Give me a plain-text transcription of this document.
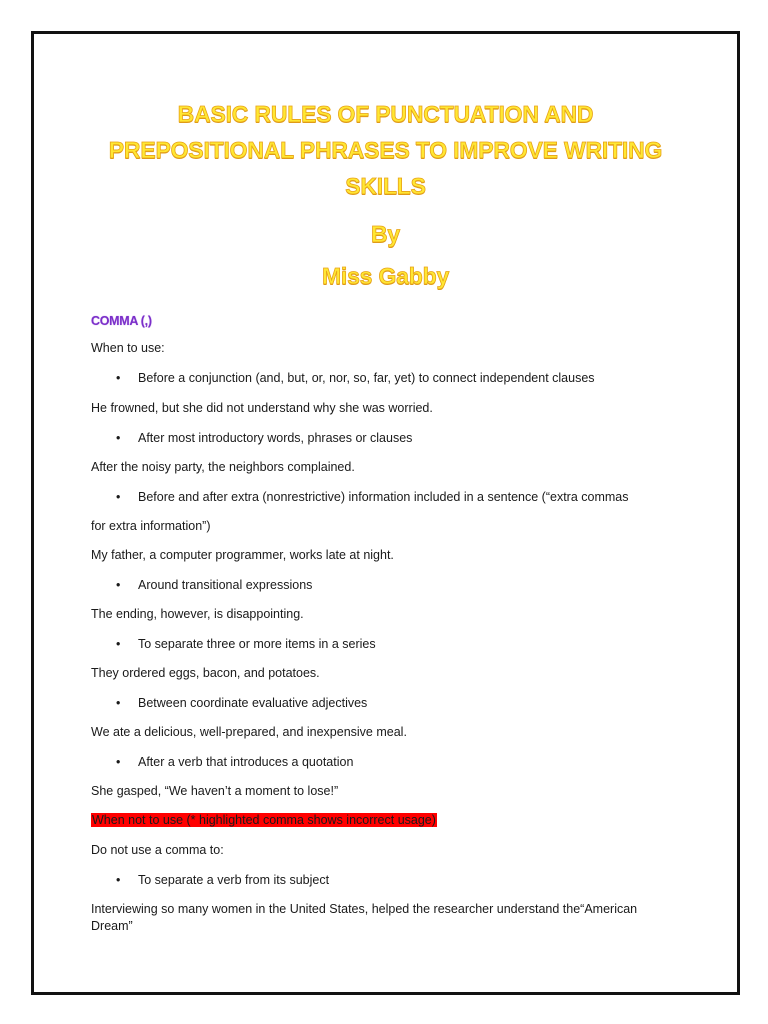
BASIC RULES OF PUNCTUATION AND
PREPOSITIONAL PHRASES TO IMPROVE WRITING
SKILLS
By
Miss Gabby
COMMA (,)
When to use:
• Before a conjunction (and, but, or, nor, so, far, yet) to connect independent clauses
He frowned, but she did not understand why she was worried.
• After most introductory words, phrases or clauses
After the noisy party, the neighbors complained.
• Before and after extra (nonrestrictive) information included in a sentence (“extra commas
for extra information”)
My father, a computer programmer, works late at night.
• Around transitional expressions
The ending, however, is disappointing.
• To separate three or more items in a series
They ordered eggs, bacon, and potatoes.
• Between coordinate evaluative adjectives
We ate a delicious, well-prepared, and inexpensive meal.
• After a verb that introduces a quotation
She gasped, “We haven’t a moment to lose!”
When not to use (* highlighted comma shows incorrect usage)
Do not use a comma to:
• To separate a verb from its subject
Interviewing so many women in the United States, helped the researcher understand the“American Dream”
